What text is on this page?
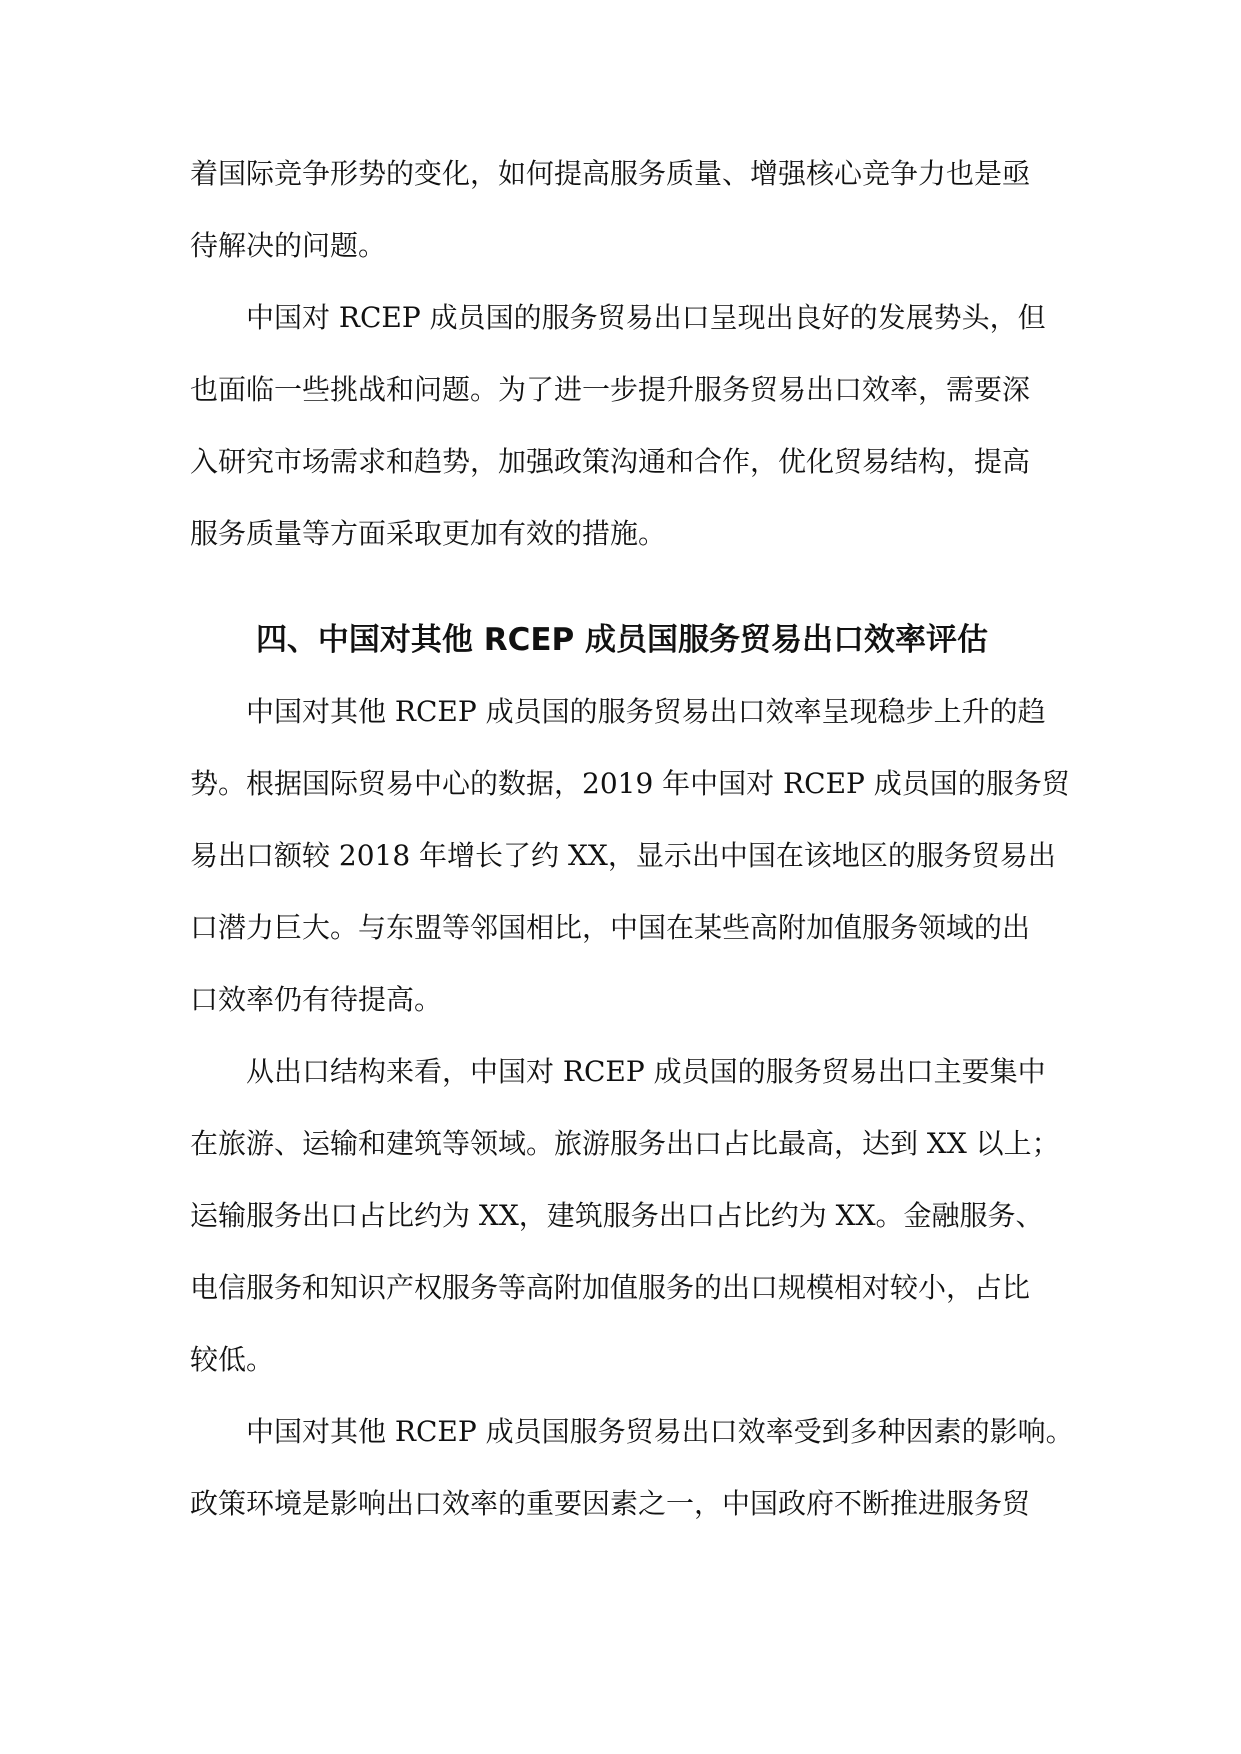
着国际竞争形势的变化，如何提高服务质量、增强核心竞争力也是亟
待解决的问题。
中国对 RCEP 成员国的服务贸易出口呈现出良好的发展势头，但
也面临一些挑战和问题。为了进一步提升服务贸易出口效率，需要深
入研究市场需求和趋势，加强政策沟通和合作，优化贸易结构，提高
服务质量等方面采取更加有效的措施。
四、中国对其他 RCEP 成员国服务贸易出口效率评估
中国对其他 RCEP 成员国的服务贸易出口效率呈现稳步上升的趋
势。根据国际贸易中心的数据，2019 年中国对 RCEP 成员国的服务贸
易出口额较 2018 年增长了约 XX，显示出中国在该地区的服务贸易出
口潜力巨大。与东盟等邻国相比，中国在某些高附加值服务领域的出
口效率仍有待提高。
从出口结构来看，中国对 RCEP 成员国的服务贸易出口主要集中
在旅游、运输和建筑等领域。旅游服务出口占比最高，达到 XX 以上；
运输服务出口占比约为 XX，建筑服务出口占比约为 XX。金融服务、
电信服务和知识产权服务等高附加值服务的出口规模相对较小，占比
较低。
中国对其他 RCEP 成员国服务贸易出口效率受到多种因素的影响。
政策环境是影响出口效率的重要因素之一，中国政府不断推进服务贸
